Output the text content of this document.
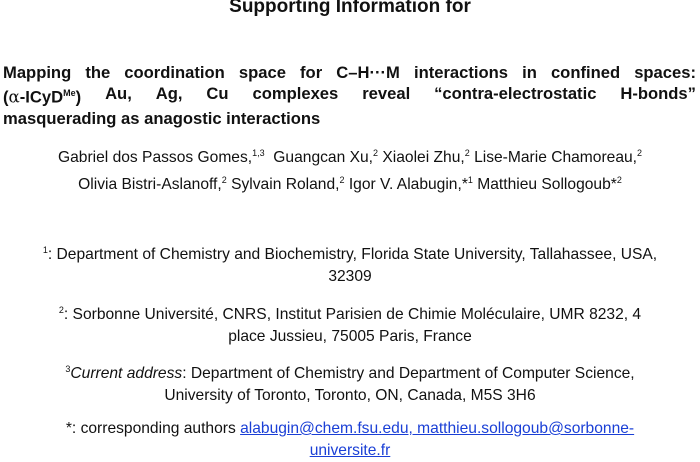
Supporting Information for
Mapping the coordination space for C–H···M interactions in confined spaces:
(α-ICyD$^{Me}$) Au, Ag, Cu complexes reveal “contra-electrostatic H-bonds”
masquerading as anagostic interactions
Gabriel dos Passos Gomes,$^{1,3}$ Guangcan Xu,$^2$ Xiaolei Zhu,$^2$ Lise-Marie Chamoreau,$^2$
Olivia Bistri-Aslanoff,$^2$ Sylvain Roland,$^2$ Igor V. Alabugin,*$^1$ Matthieu Sollogoub*$^2$
$^1$: Department of Chemistry and Biochemistry, Florida State University, Tallahassee, USA,
32309
$^2$: Sorbonne Université, CNRS, Institut Parisien de Chimie Moléculaire, UMR 8232, 4
place Jussieu, 75005 Paris, France
$^3$Current address: Department of Chemistry and Department of Computer Science,
University of Toronto, Toronto, ON, Canada, M5S 3H6
*: corresponding authors alabugin@chem.fsu.edu, matthieu.sollogoub@sorbonne-
universite.fr
